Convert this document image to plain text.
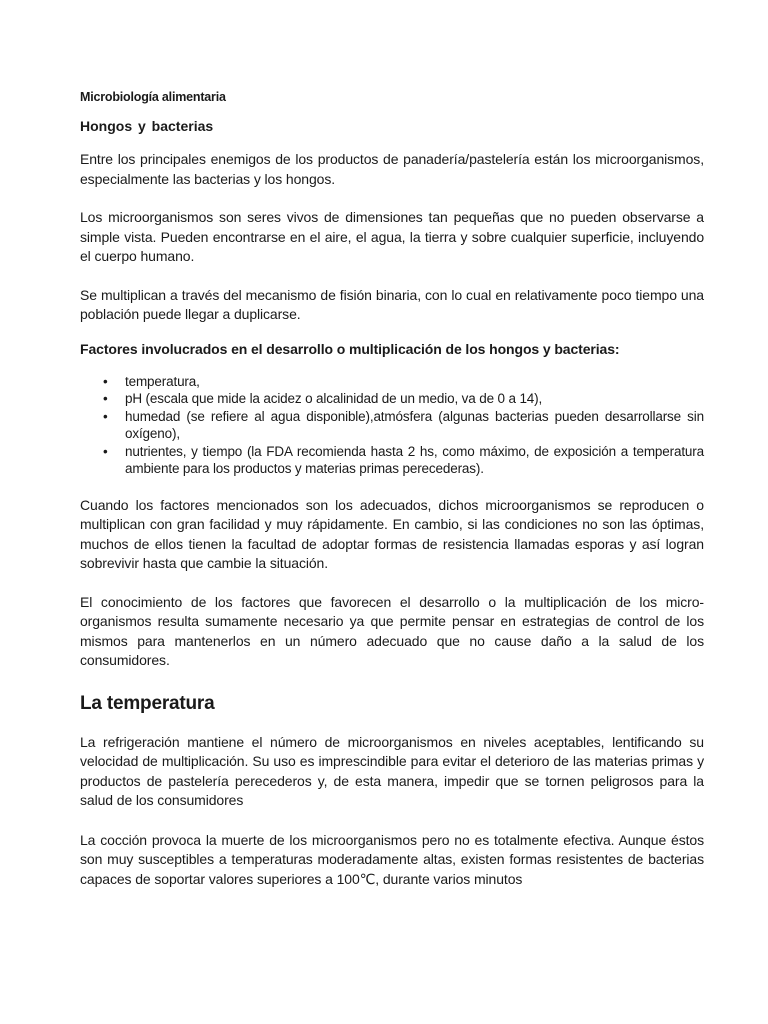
Microbiología alimentaria
Hongos y bacterias

Entre los principales enemigos de los productos de panadería/pastelería están los microorganismos, especialmente las bacterias y los hongos.

Los microorganismos son seres vivos de dimensiones tan pequeñas que no pueden observarse a simple vista. Pueden encontrarse en el aire, el agua, la tierra y sobre cualquier superficie, incluyendo el cuerpo humano.

Se multiplican a través del mecanismo de fisión binaria, con lo cual en relativamente poco tiempo una población puede llegar a duplicarse.

Factores involucrados en el desarrollo o multiplicación de los hongos y bacterias:
• temperatura,
• pH (escala que mide la acidez o alcalinidad de un medio, va de 0 a 14),
• humedad (se refiere al agua disponible),atmósfera (algunas bacterias pueden desarrollarse sin oxígeno),
• nutrientes, y tiempo (la FDA recomienda hasta 2 hs, como máximo, de exposición a temperatura ambiente para los productos y materias primas perecederas).

Cuando los factores mencionados son los adecuados, dichos microorganismos se reproducen o multiplican con gran facilidad y muy rápidamente. En cambio, si las condiciones no son las óptimas, muchos de ellos tienen la facultad de adoptar formas de resistencia llamadas esporas y así logran sobrevivir hasta que cambie la situación.

El conocimiento de los factores que favorecen el desarrollo o la multiplicación de los micro-organismos resulta sumamente necesario ya que permite pensar en estrategias de control de los mismos para mantenerlos en un número adecuado que no cause daño a la salud de los consumidores.

La temperatura

La refrigeración mantiene el número de microorganismos en niveles aceptables, lentificando su velocidad de multiplicación. Su uso es imprescindible para evitar el deterioro de las materias primas y productos de pastelería perecederos y, de esta manera, impedir que se tornen peligrosos para la salud de los consumidores

La cocción provoca la muerte de los microorganismos pero no es totalmente efectiva. Aunque éstos son muy susceptibles a temperaturas moderadamente altas, existen formas resistentes de bacterias capaces de soportar valores superiores a 100℃, durante varios minutos
